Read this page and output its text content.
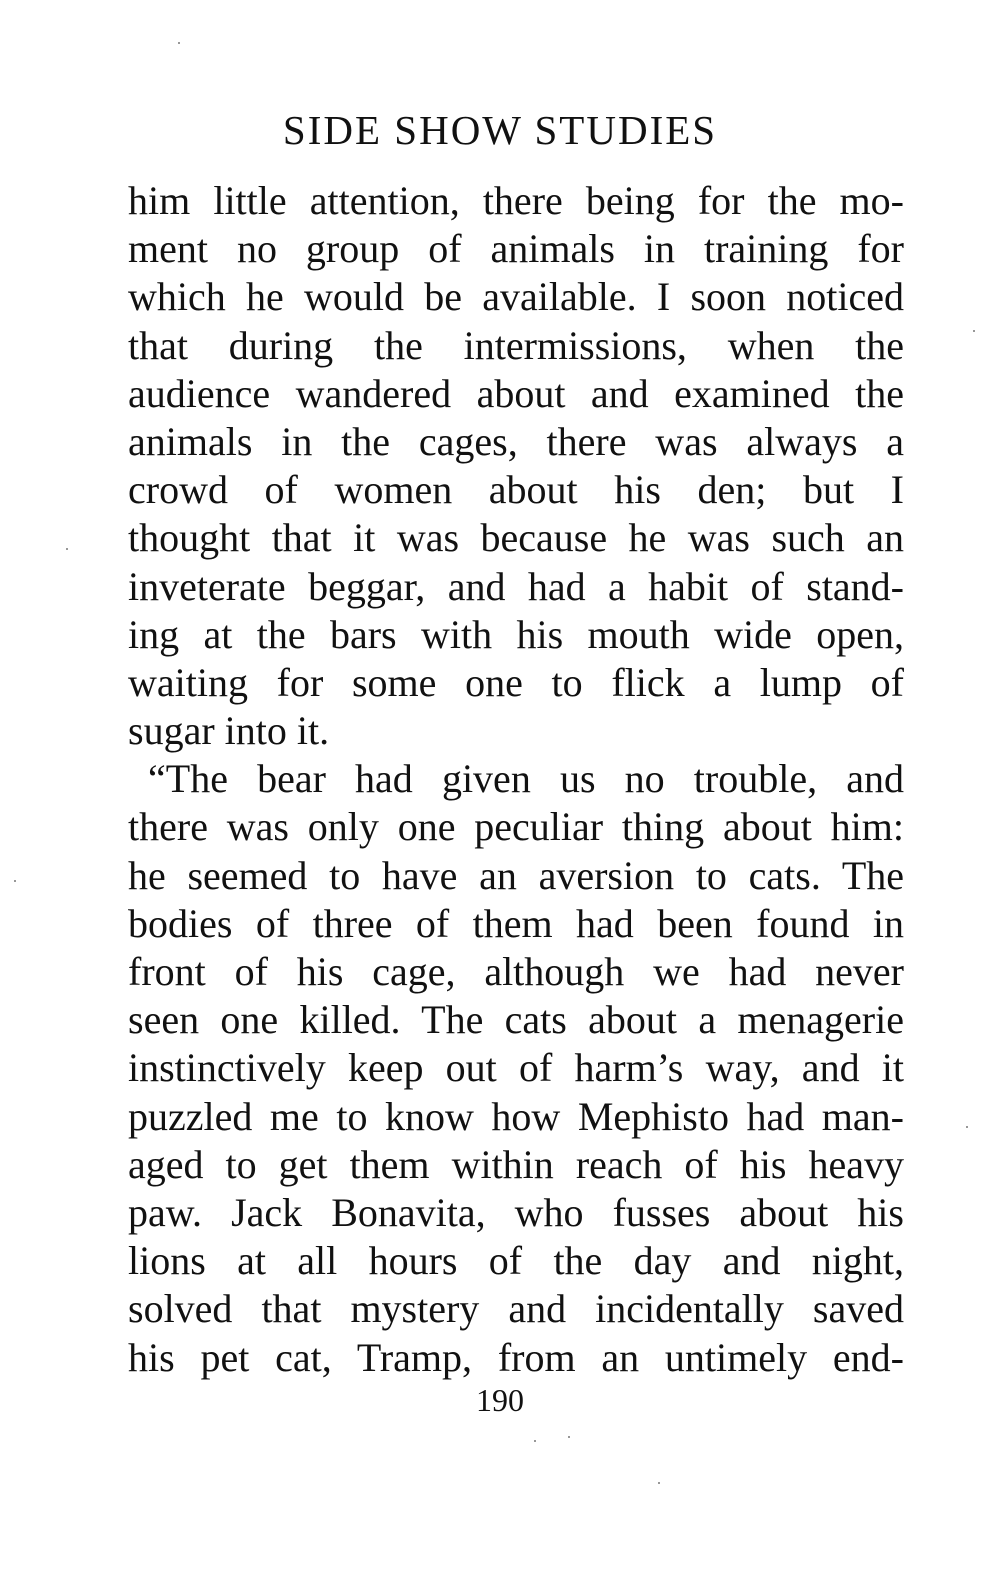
SIDE SHOW STUDIES
him little attention, there being for the mo-
ment no group of animals in training for
which he would be available. I soon noticed
that during the intermissions, when the
audience wandered about and examined the
animals in the cages, there was always a
crowd of women about his den; but I
thought that it was because he was such an
inveterate beggar, and had a habit of stand-
ing at the bars with his mouth wide open,
waiting for some one to flick a lump of
sugar into it.
“The bear had given us no trouble, and
there was only one peculiar thing about him:
he seemed to have an aversion to cats. The
bodies of three of them had been found in
front of his cage, although we had never
seen one killed. The cats about a menagerie
instinctively keep out of harm’s way, and it
puzzled me to know how Mephisto had man-
aged to get them within reach of his heavy
paw. Jack Bonavita, who fusses about his
lions at all hours of the day and night,
solved that mystery and incidentally saved
his pet cat, Tramp, from an untimely end-
190
